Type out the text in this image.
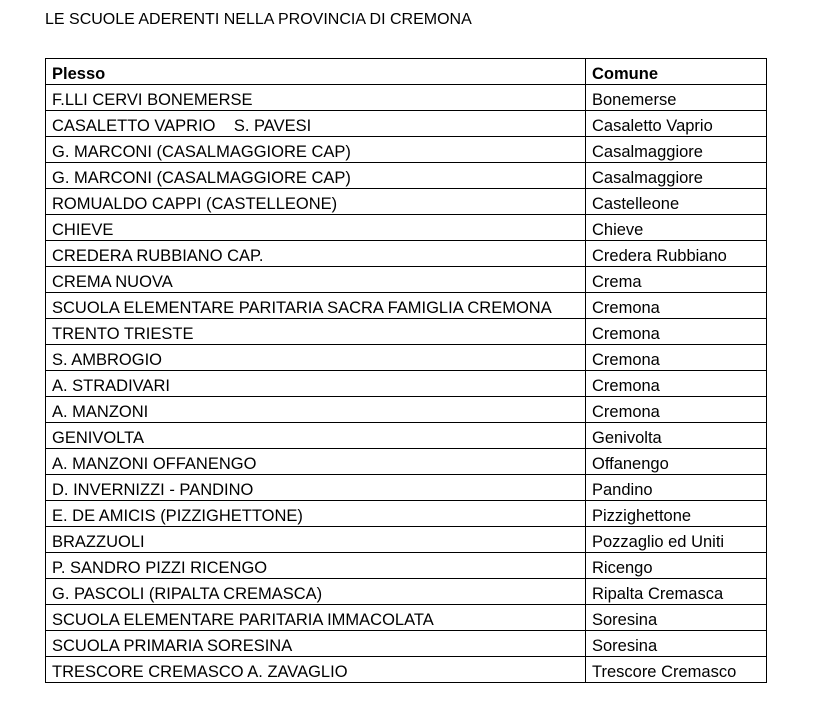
LE SCUOLE ADERENTI NELLA PROVINCIA DI CREMONA
Plesso	Comune
F.LLI CERVI BONEMERSE	Bonemerse
CASALETTO VAPRIO    S. PAVESI	Casaletto Vaprio
G. MARCONI (CASALMAGGIORE CAP)	Casalmaggiore
G. MARCONI (CASALMAGGIORE CAP)	Casalmaggiore
ROMUALDO CAPPI (CASTELLEONE)	Castelleone
CHIEVE	Chieve
CREDERA RUBBIANO CAP.	Credera Rubbiano
CREMA NUOVA	Crema
SCUOLA ELEMENTARE PARITARIA SACRA FAMIGLIA CREMONA	Cremona
TRENTO TRIESTE	Cremona
S. AMBROGIO	Cremona
A. STRADIVARI	Cremona
A. MANZONI	Cremona
GENIVOLTA	Genivolta
A. MANZONI OFFANENGO	Offanengo
D. INVERNIZZI - PANDINO	Pandino
E. DE AMICIS (PIZZIGHETTONE)	Pizzighettone
BRAZZUOLI	Pozzaglio ed Uniti
P. SANDRO PIZZI RICENGO	Ricengo
G. PASCOLI (RIPALTA CREMASCA)	Ripalta Cremasca
SCUOLA ELEMENTARE PARITARIA IMMACOLATA	Soresina
SCUOLA PRIMARIA SORESINA	Soresina
TRESCORE CREMASCO A. ZAVAGLIO	Trescore Cremasco
